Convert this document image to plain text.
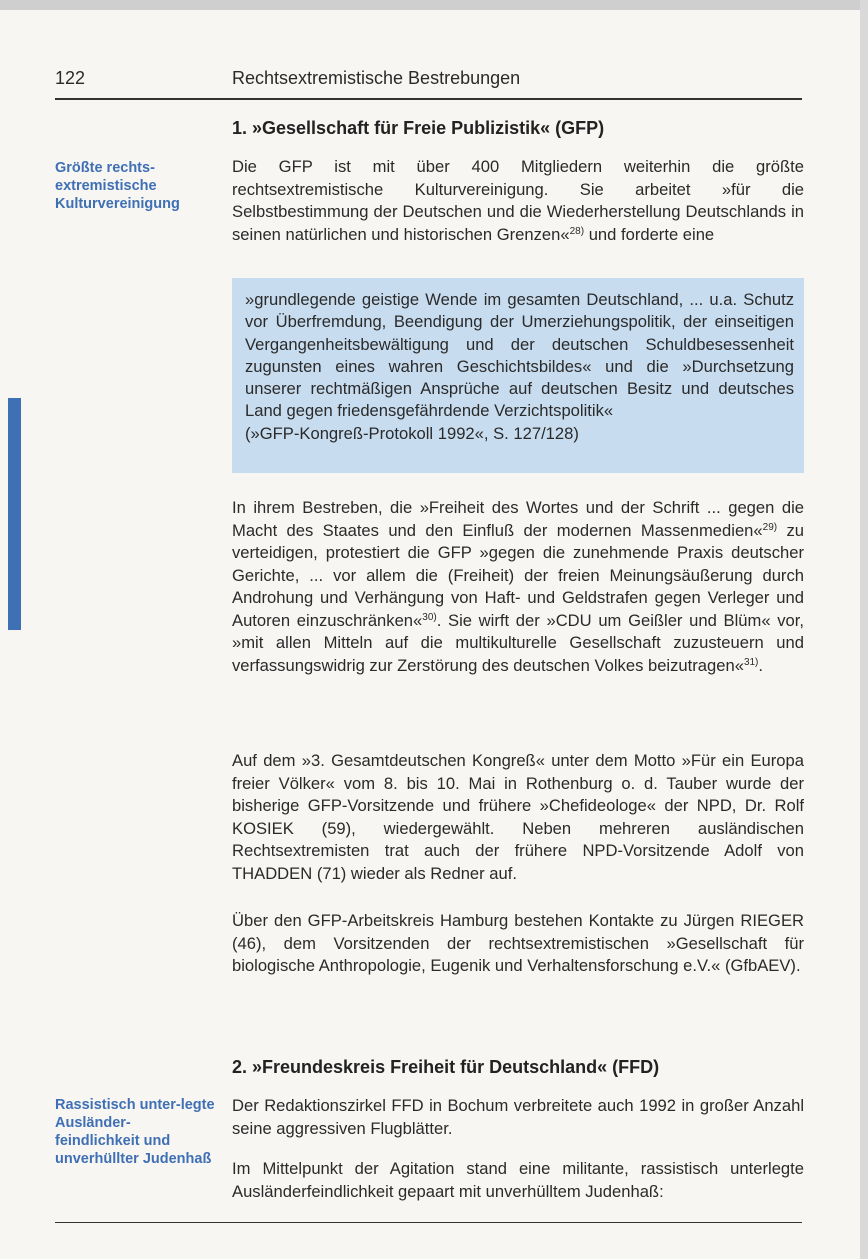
122	Rechtsextremistische Bestrebungen
Größte rechts-extremistische Kulturvereinigung
1. »Gesellschaft für Freie Publizistik« (GFP)

Die GFP ist mit über 400 Mitgliedern weiterhin die größte rechtsextremistische Kulturvereinigung. Sie arbeitet »für die Selbstbestimmung der Deutschen und die Wiederherstellung Deutschlands in seinen natürlichen und historischen Grenzen«$^{28)}$ und forderte eine

»grundlegende geistige Wende im gesamten Deutschland, ... u.a. Schutz vor Überfremdung, Beendigung der Umerziehungspolitik, der einseitigen Vergangenheitsbewältigung und der deutschen Schuldbesessenheit zugunsten eines wahren Geschichtsbildes« und die »Durchsetzung unserer rechtmäßigen Ansprüche auf deutschen Besitz und deutsches Land gegen friedensgefährdende Verzichtspolitik«

(»GFP-Kongreß-Protokoll 1992«, S. 127/128)

In ihrem Bestreben, die »Freiheit des Wortes und der Schrift ... gegen die Macht des Staates und den Einfluß der modernen Massenmedien«$^{29)}$ zu verteidigen, protestiert die GFP »gegen die zunehmende Praxis deutscher Gerichte, ... vor allem die (Freiheit) der freien Meinungsäußerung durch Androhung und Verhängung von Haft- und Geldstrafen gegen Verleger und Autoren einzuschränken«$^{30)}$. Sie wirft der »CDU um Geißler und Blüm« vor, »mit allen Mitteln auf die multikulturelle Gesellschaft zuzusteuern und verfassungswidrig zur Zerstörung des deutschen Volkes beizutragen«$^{31)}$.

Auf dem »3. Gesamtdeutschen Kongreß« unter dem Motto »Für ein Europa freier Völker« vom 8. bis 10. Mai in Rothenburg o. d. Tauber wurde der bisherige GFP-Vorsitzende und frühere »Chefideologe« der NPD, Dr. Rolf KOSIEK (59), wiedergewählt. Neben mehreren ausländischen Rechtsextremisten trat auch der frühere NPD-Vorsitzende Adolf von THADDEN (71) wieder als Redner auf.

Über den GFP-Arbeitskreis Hamburg bestehen Kontakte zu Jürgen RIEGER (46), dem Vorsitzenden der rechtsextremistischen »Gesellschaft für biologische Anthropologie, Eugenik und Verhaltensforschung e.V.« (GfbAEV).

2. »Freundeskreis Freiheit für Deutschland« (FFD)
Rassistisch unter-legte Ausländer-feindlichkeit und unverhüllter Judenhaß

Der Redaktionszirkel FFD in Bochum verbreitete auch 1992 in großer Anzahl seine aggressiven Flugblätter.

Im Mittelpunkt der Agitation stand eine militante, rassistisch unterlegte Ausländerfeindlichkeit gepaart mit unverhülltem Judenhaß:
